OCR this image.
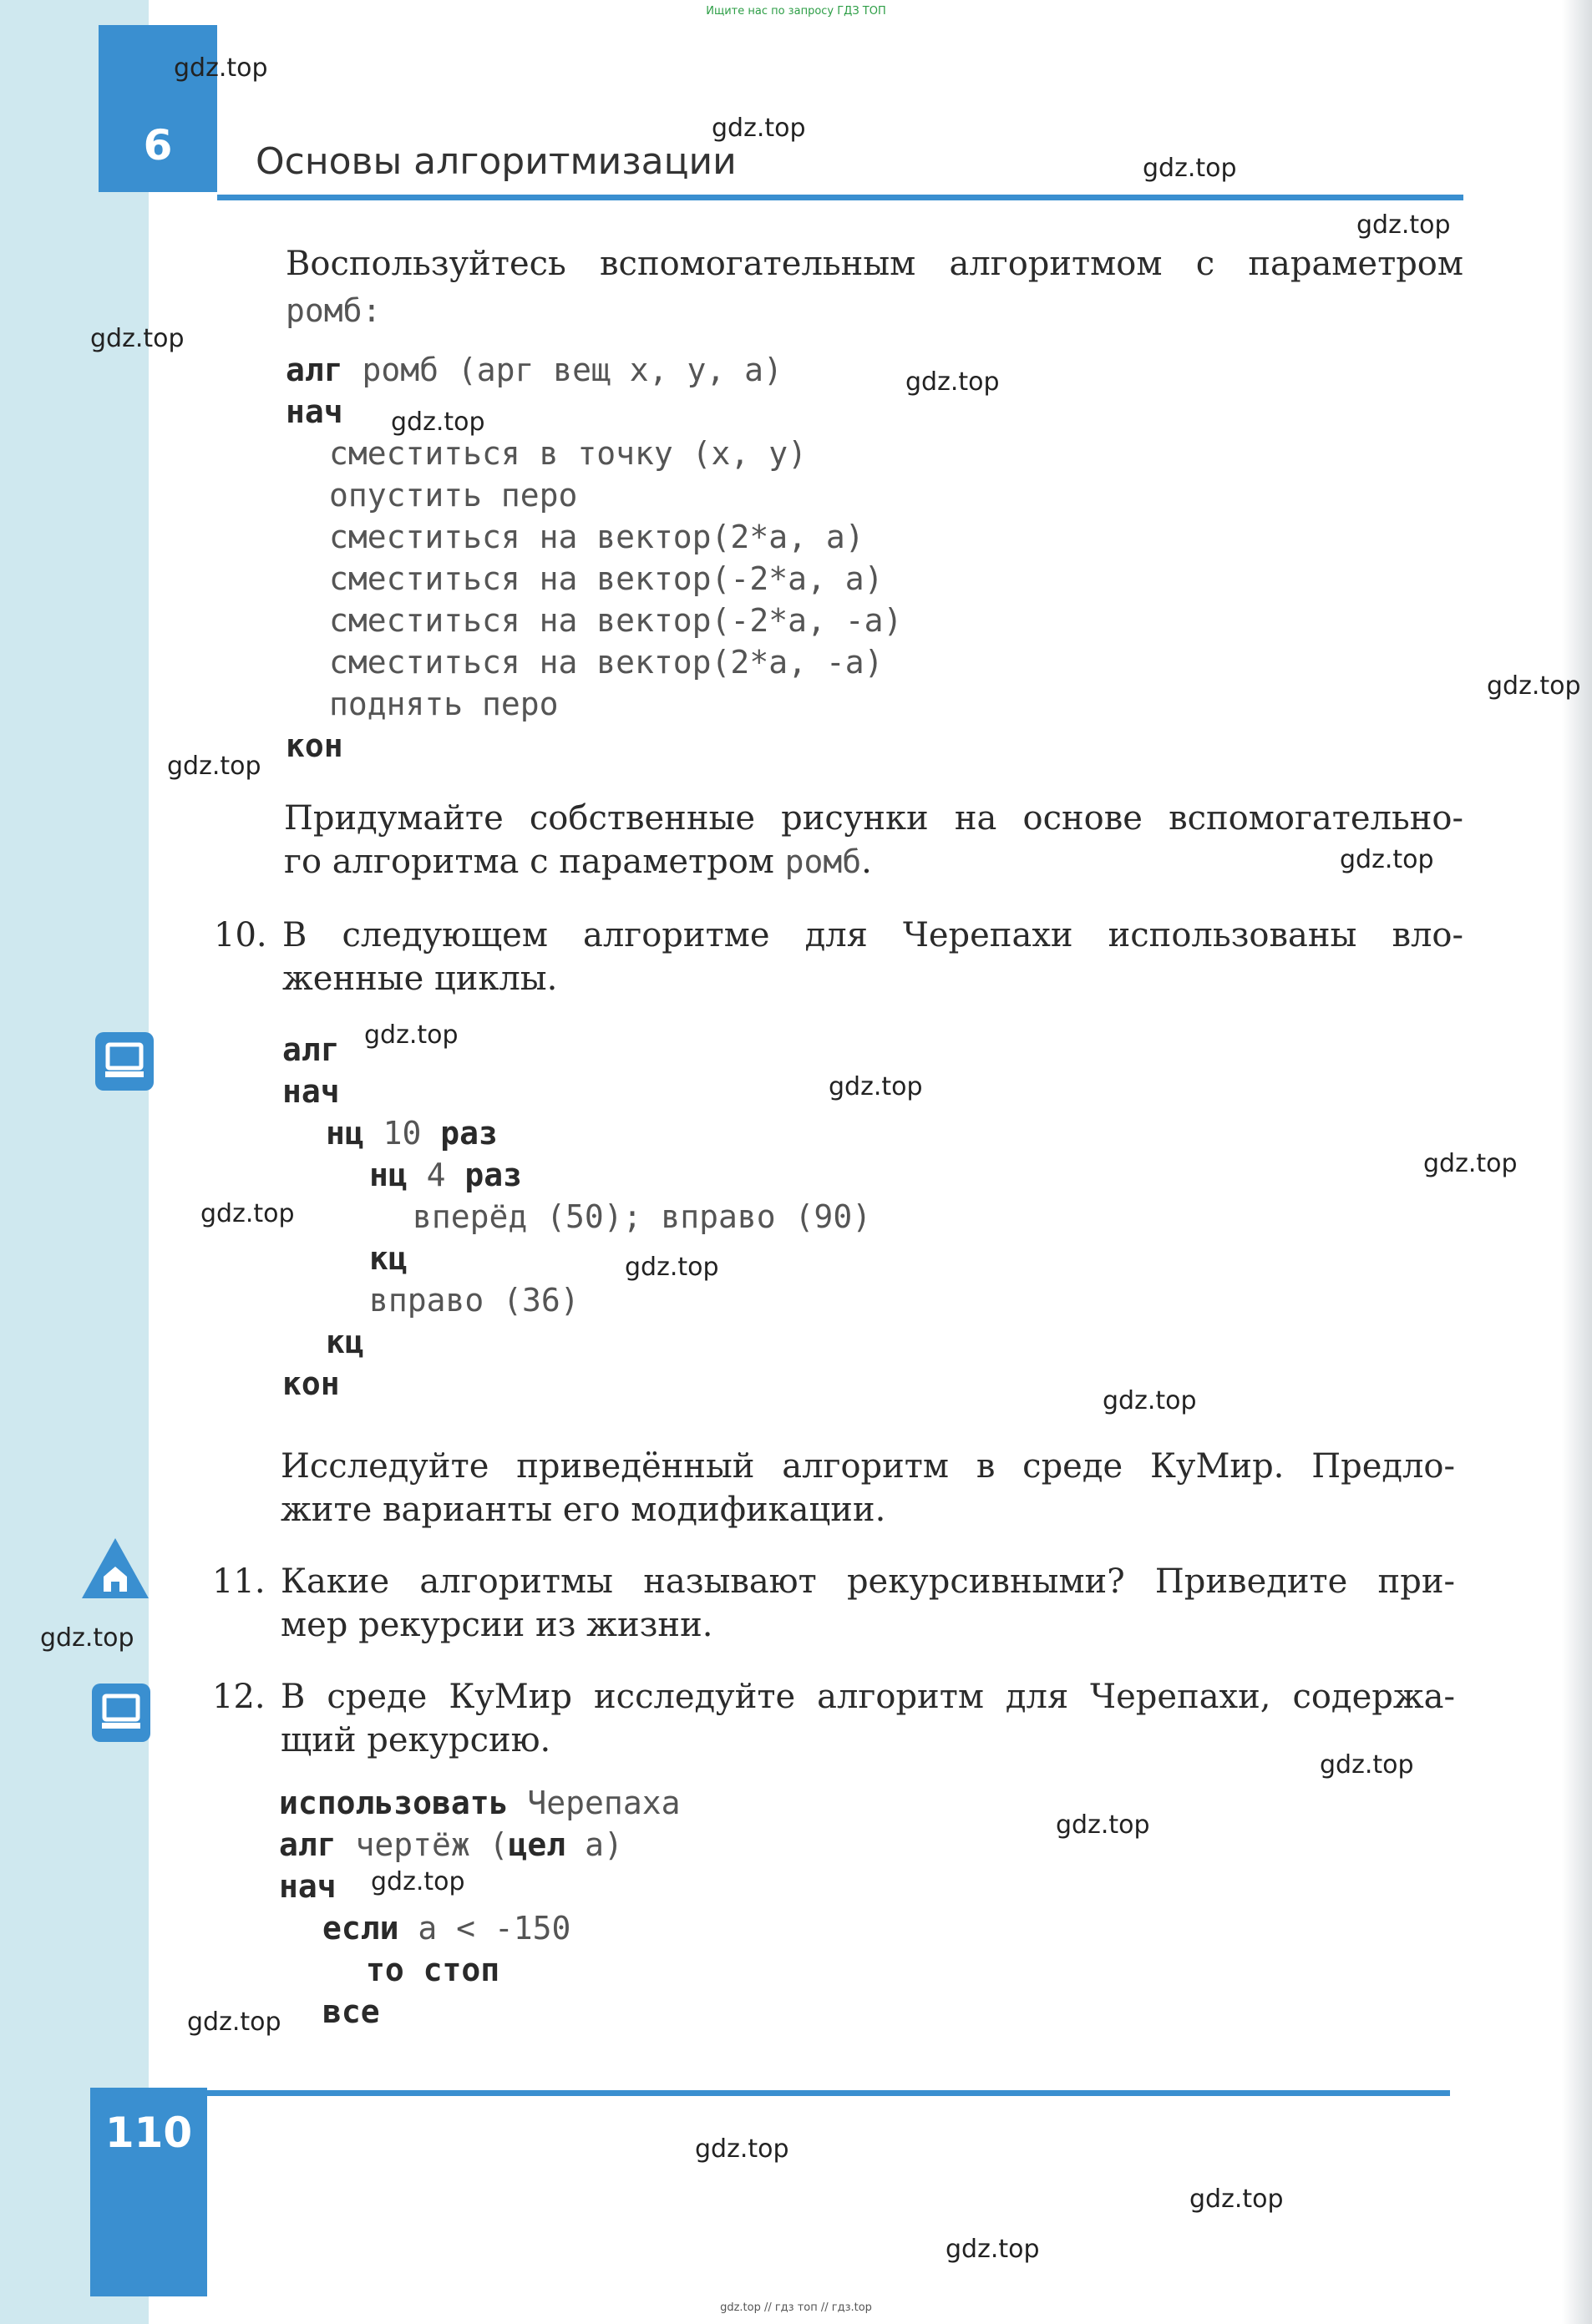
Ищите нас по запросу ГДЗ ТОП
6	Основы алгоритмизации
Воспользуйтесь вспомогательным алгоритмом с параметром
ромб:
алг ромб (арг вещ x, y, a)
нач
сместиться в точку (x, y)
опустить перо
сместиться на вектор(2*a, a)
сместиться на вектор(-2*a, a)
сместиться на вектор(-2*a, -a)
сместиться на вектор(2*a, -a)
поднять перо
кон
Придумайте собственные рисунки на основе вспомогательно-
го алгоритма с параметром ромб.
10. В следующем алгоритме для Черепахи использованы вло-
женные циклы.
алг
нач
нц 10 раз
нц 4 раз
вперёд (50); вправо (90)
кц
вправо (36)
кц
кон
Исследуйте приведённый алгоритм в среде КуМир. Предло-
жите варианты его модификации.
11. Какие алгоритмы называют рекурсивными? Приведите при-
мер рекурсии из жизни.
12. В среде КуМир исследуйте алгоритм для Черепахи, содержа-
щий рекурсию.
использовать Черепаха
алг чертёж (цел a)
нач
если a < -150
то стоп
все
110
gdz.top // гдз топ // гдз.top
gdz.top
gdz.top
gdz.top
gdz.top
gdz.top
gdz.top
gdz.top
gdz.top
gdz.top
gdz.top
gdz.top
gdz.top
gdz.top
gdz.top
gdz.top
gdz.top
gdz.top
gdz.top
gdz.top
gdz.top
gdz.top
gdz.top
gdz.top
gdz.top
